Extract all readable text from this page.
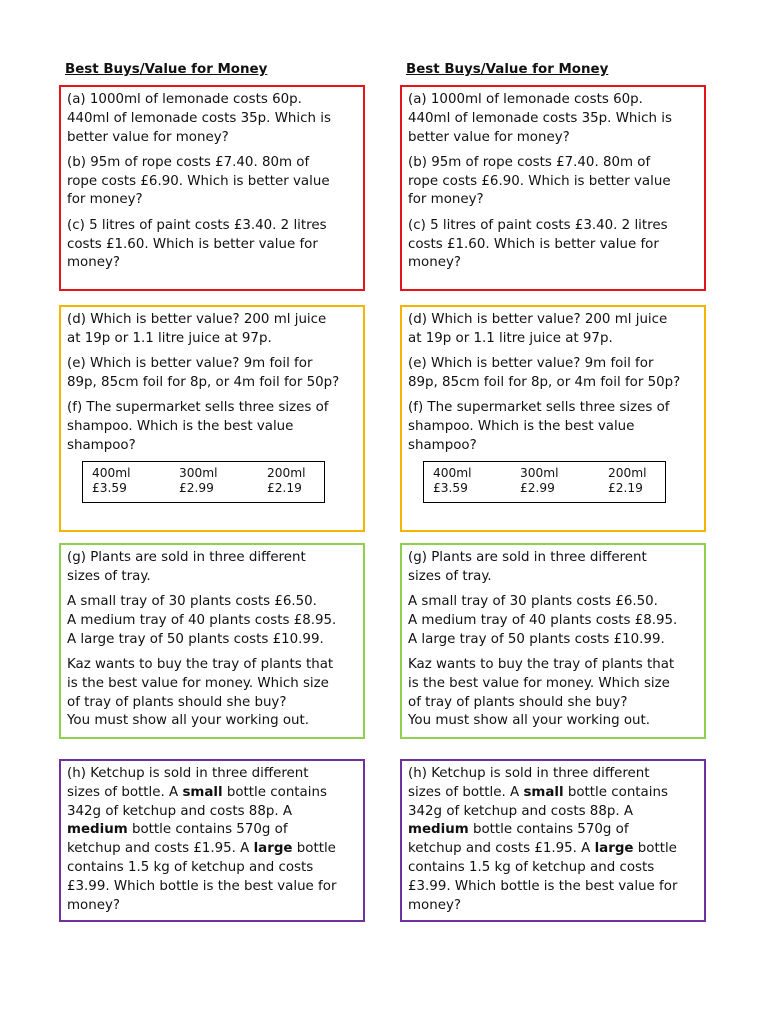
Best Buys/Value for Money

(a) 1000ml of lemonade costs 60p.
440ml of lemonade costs 35p. Which is
better value for money?

(b) 95m of rope costs £7.40. 80m of
rope costs £6.90. Which is better value
for money?

(c) 5 litres of paint costs £3.40. 2 litres
costs £1.60. Which is better value for
money?

(d) Which is better value? 200 ml juice
at 19p or 1.1 litre juice at 97p.

(e) Which is better value? 9m foil for
89p, 85cm foil for 8p, or 4m foil for 50p?

(f) The supermarket sells three sizes of
shampoo. Which is the best value
shampoo?

400ml
£3.59
300ml
£2.99
200ml
£2.19

(g) Plants are sold in three different
sizes of tray.

A small tray of 30 plants costs £6.50.
A medium tray of 40 plants costs £8.95.
A large tray of 50 plants costs £10.99.

Kaz wants to buy the tray of plants that
is the best value for money. Which size
of tray of plants should she buy?
You must show all your working out.

(h) Ketchup is sold in three different
sizes of bottle. A small bottle contains
342g of ketchup and costs 88p. A
medium bottle contains 570g of
ketchup and costs £1.95. A large bottle
contains 1.5 kg of ketchup and costs
£3.99. Which bottle is the best value for
money?

Best Buys/Value for Money

(a) 1000ml of lemonade costs 60p.
440ml of lemonade costs 35p. Which is
better value for money?

(b) 95m of rope costs £7.40. 80m of
rope costs £6.90. Which is better value
for money?

(c) 5 litres of paint costs £3.40. 2 litres
costs £1.60. Which is better value for
money?

(d) Which is better value? 200 ml juice
at 19p or 1.1 litre juice at 97p.

(e) Which is better value? 9m foil for
89p, 85cm foil for 8p, or 4m foil for 50p?

(f) The supermarket sells three sizes of
shampoo. Which is the best value
shampoo?

400ml
£3.59
300ml
£2.99
200ml
£2.19

(g) Plants are sold in three different
sizes of tray.

A small tray of 30 plants costs £6.50.
A medium tray of 40 plants costs £8.95.
A large tray of 50 plants costs £10.99.

Kaz wants to buy the tray of plants that
is the best value for money. Which size
of tray of plants should she buy?
You must show all your working out.

(h) Ketchup is sold in three different
sizes of bottle. A small bottle contains
342g of ketchup and costs 88p. A
medium bottle contains 570g of
ketchup and costs £1.95. A large bottle
contains 1.5 kg of ketchup and costs
£3.99. Which bottle is the best value for
money?
